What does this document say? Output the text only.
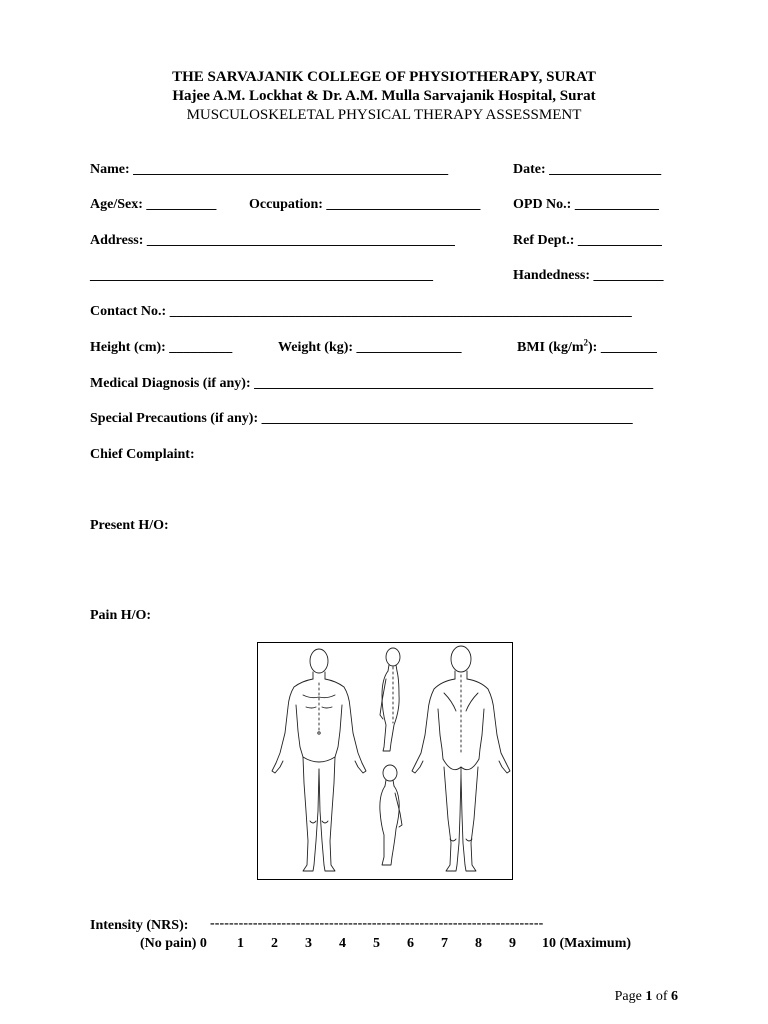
THE SARVAJANIK COLLEGE OF PHYSIOTHERAPY, SURAT
Hajee A.M. Lockhat & Dr. A.M. Mulla Sarvajanik Hospital, Surat
MUSCULOSKELETAL PHYSICAL THERAPY ASSESSMENT
Name: _____________________________________________	Date: ________________
Age/Sex: __________ Occupation: ______________________ OPD No.: ____________
Address: ____________________________________________	Ref Dept.: ____________
_________________________________________________	Handedness: __________
Contact No.: __________________________________________________________________
Height (cm): _________	Weight (kg): _______________	BMI $(kg/m^2)$: ________
Medical Diagnosis (if any): _________________________________________________________
Special Precautions (if any): _____________________________________________________
Chief Complaint:
Present H/O:
Pain H/O:
Intensity (NRS): ----------------------------------------------------------------------
(No pain) 0 1 2 3 4 5 6 7 8 9 10 (Maximum)
Page 1 of 6
